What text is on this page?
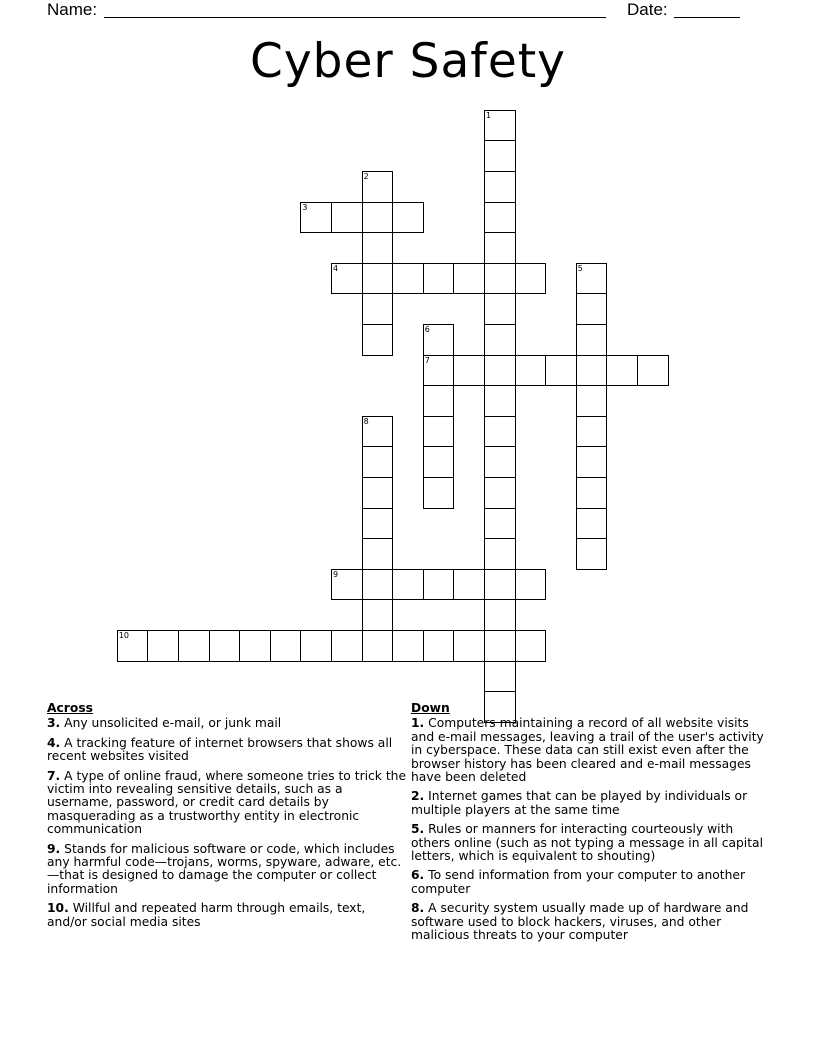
Name:	Date:
Cyber Safety
1
2
3
4	5
6
7
8
9
10
Across
3. Any unsolicited e-mail, or junk mail
4. A tracking feature of internet browsers that shows all recent websites visited
7. A type of online fraud, where someone tries to trick the victim into revealing sensitive details, such as a username, password, or credit card details by masquerading as a trustworthy entity in electronic communication
9. Stands for malicious software or code, which includes any harmful code—trojans, worms, spyware, adware, etc.—that is designed to damage the computer or collect information
10. Willful and repeated harm through emails, text, and/or social media sites
Down
1. Computers maintaining a record of all website visits and e-mail messages, leaving a trail of the user's activity in cyberspace. These data can still exist even after the browser history has been cleared and e-mail messages have been deleted
2. Internet games that can be played by individuals or multiple players at the same time
5. Rules or manners for interacting courteously with others online (such as not typing a message in all capital letters, which is equivalent to shouting)
6. To send information from your computer to another computer
8. A security system usually made up of hardware and software used to block hackers, viruses, and other malicious threats to your computer
